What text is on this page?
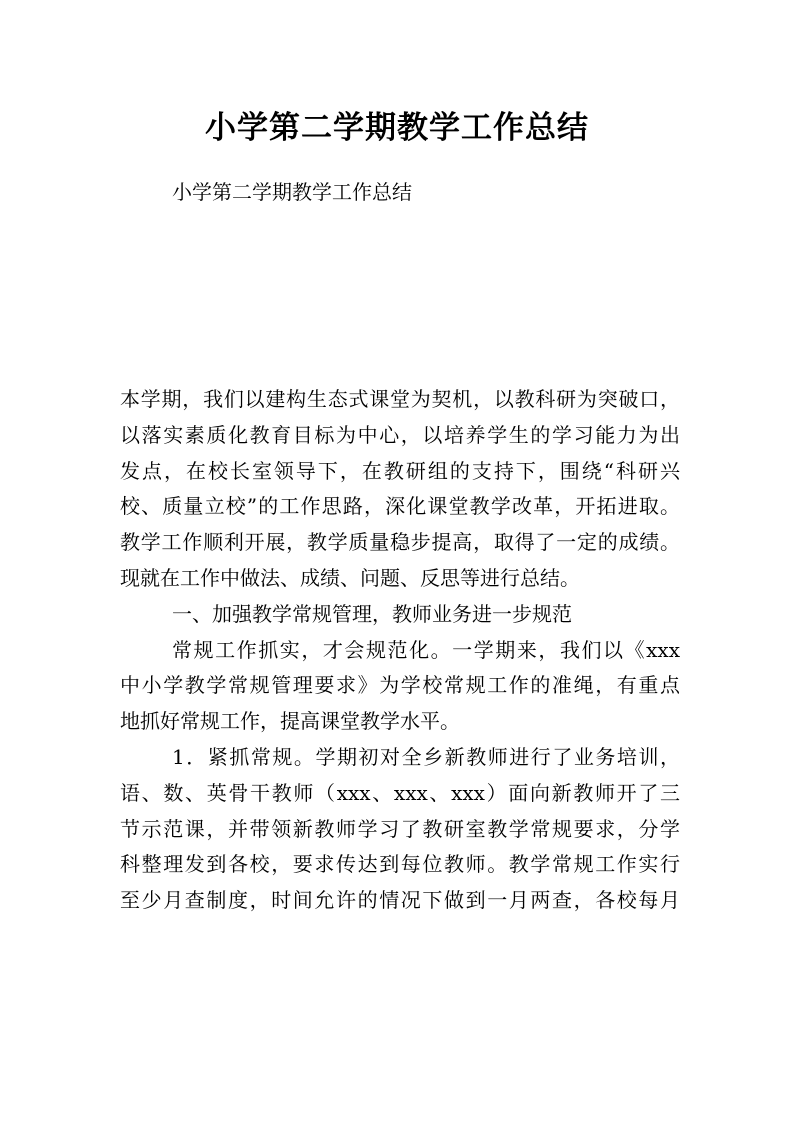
小学第二学期教学工作总结

小学第二学期教学工作总结

本学期，我们以建构生态式课堂为契机，以教科研为突破口，
以落实素质化教育目标为中心，以培养学生的学习能力为出
发点，在校长室领导下，在教研组的支持下，围绕“科研兴
校、质量立校”的工作思路，深化课堂教学改革，开拓进取。
教学工作顺利开展，教学质量稳步提高，取得了一定的成绩。
现就在工作中做法、成绩、问题、反思等进行总结。
一、加强教学常规管理，教师业务进一步规范
常规工作抓实，才会规范化。一学期来，我们以《xxx
中小学教学常规管理要求》为学校常规工作的准绳，有重点
地抓好常规工作，提高课堂教学水平。
1．紧抓常规。学期初对全乡新教师进行了业务培训，
语、数、英骨干教师（xxx、xxx、xxx）面向新教师开了三
节示范课，并带领新教师学习了教研室教学常规要求，分学
科整理发到各校，要求传达到每位教师。教学常规工作实行
至少月查制度，时间允许的情况下做到一月两查，各校每月
